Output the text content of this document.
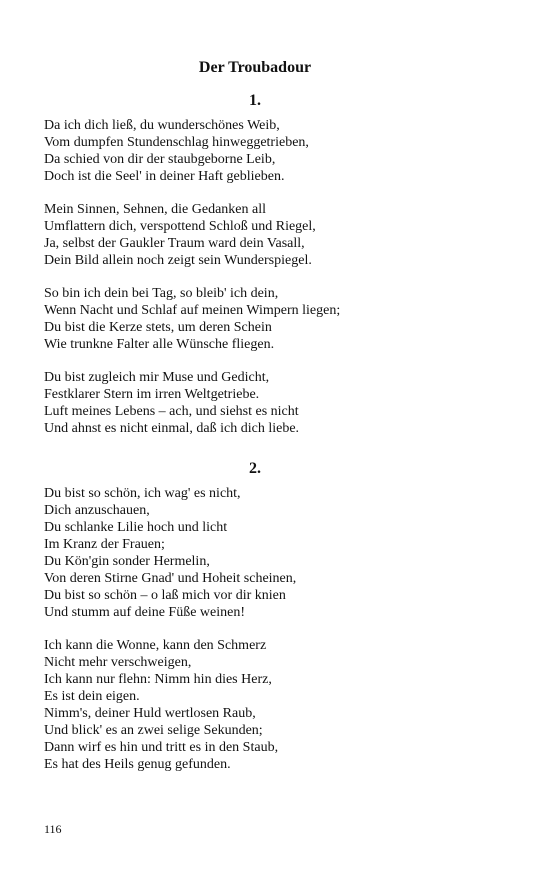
Der Troubadour
1.
Da ich dich ließ, du wunderschönes Weib,
Vom dumpfen Stundenschlag hinweggetrieben,
Da schied von dir der staubgeborne Leib,
Doch ist die Seel' in deiner Haft geblieben.
Mein Sinnen, Sehnen, die Gedanken all
Umflattern dich, verspottend Schloß und Riegel,
Ja, selbst der Gaukler Traum ward dein Vasall,
Dein Bild allein noch zeigt sein Wunderspiegel.
So bin ich dein bei Tag, so bleib' ich dein,
Wenn Nacht und Schlaf auf meinen Wimpern liegen;
Du bist die Kerze stets, um deren Schein
Wie trunkne Falter alle Wünsche fliegen.
Du bist zugleich mir Muse und Gedicht,
Festklarer Stern im irren Weltgetriebe.
Luft meines Lebens – ach, und siehst es nicht
Und ahnst es nicht einmal, daß ich dich liebe.
2.
Du bist so schön, ich wag' es nicht,
Dich anzuschauen,
Du schlanke Lilie hoch und licht
Im Kranz der Frauen;
Du Kön'gin sonder Hermelin,
Von deren Stirne Gnad' und Hoheit scheinen,
Du bist so schön – o laß mich vor dir knien
Und stumm auf deine Füße weinen!
Ich kann die Wonne, kann den Schmerz
Nicht mehr verschweigen,
Ich kann nur flehn: Nimm hin dies Herz,
Es ist dein eigen.
Nimm's, deiner Huld wertlosen Raub,
Und blick' es an zwei selige Sekunden;
Dann wirf es hin und tritt es in den Staub,
Es hat des Heils genug gefunden.
116
